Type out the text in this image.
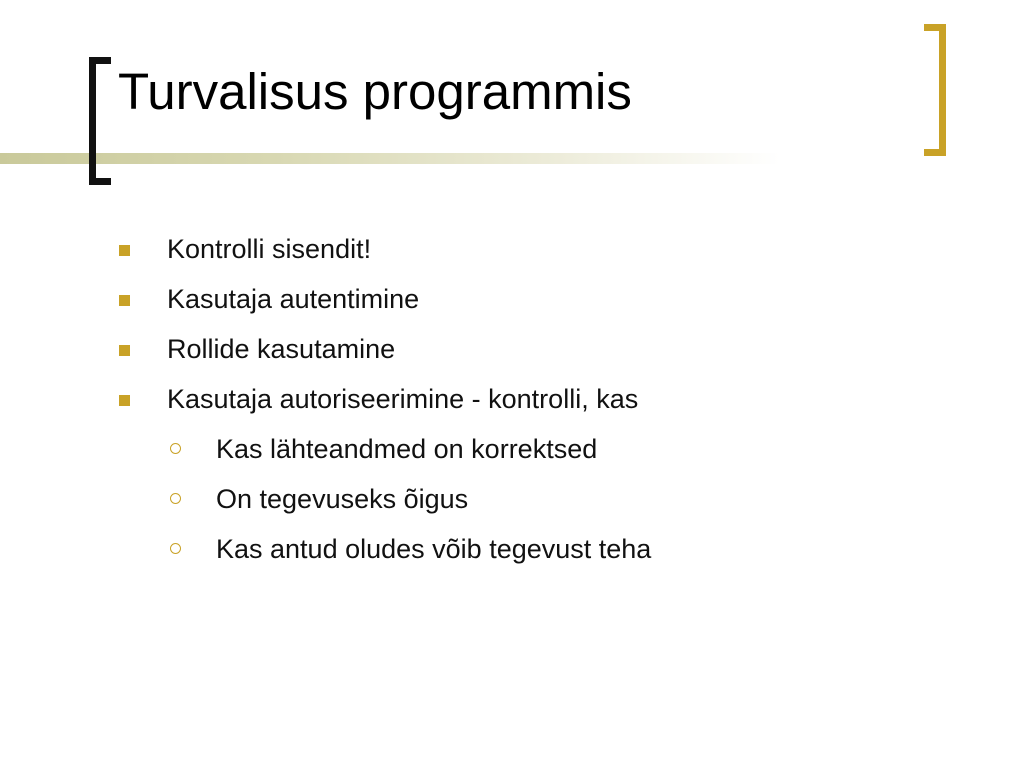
Turvalisus programmis
Kontrolli sisendit!
Kasutaja autentimine
Rollide kasutamine
Kasutaja autoriseerimine - kontrolli, kas
Kas lähteandmed on korrektsed
On tegevuseks õigus
Kas antud oludes võib tegevust teha
